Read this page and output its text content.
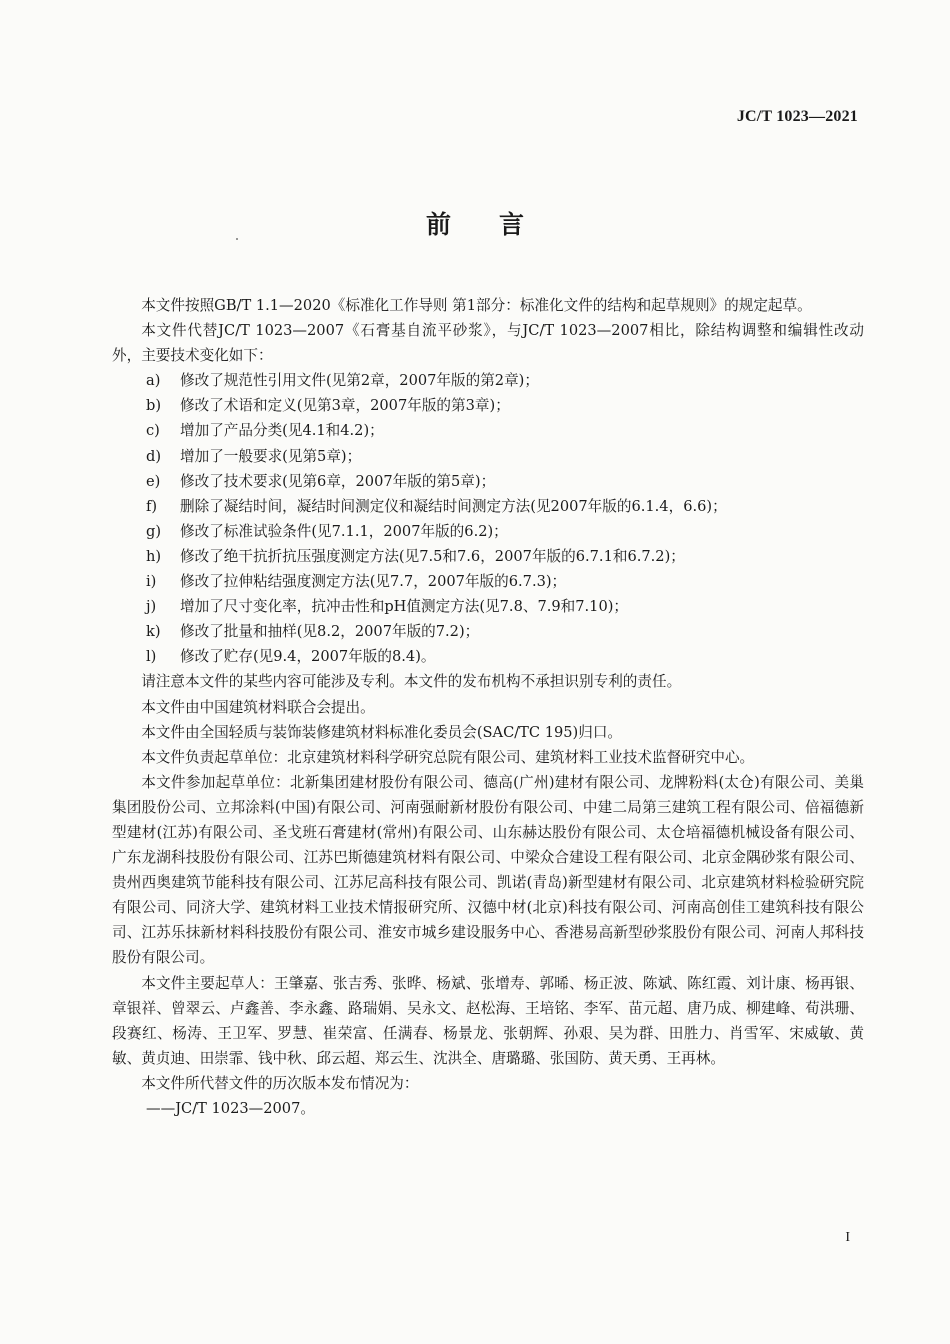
JC/T 1023—2021
前言

本文件按照GB/T 1.1—2020《标准化工作导则 第1部分：标准化文件的结构和起草规则》的规定起草。

本文件代替JC/T 1023—2007《石膏基自流平砂浆》，与JC/T 1023—2007相比，除结构调整和编辑性改动外，主要技术变化如下：

a) 修改了规范性引用文件(见第2章，2007年版的第2章)；

b) 修改了术语和定义(见第3章，2007年版的第3章)；

c) 增加了产品分类(见4.1和4.2)；

d) 增加了一般要求(见第5章)；

e) 修改了技术要求(见第6章，2007年版的第5章)；

f) 删除了凝结时间，凝结时间测定仪和凝结时间测定方法(见2007年版的6.1.4，6.6)；

g) 修改了标准试验条件(见7.1.1，2007年版的6.2)；

h) 修改了绝干抗折抗压强度测定方法(见7.5和7.6，2007年版的6.7.1和6.7.2)；

i) 修改了拉伸粘结强度测定方法(见7.7，2007年版的6.7.3)；

j) 增加了尺寸变化率，抗冲击性和pH值测定方法(见7.8、7.9和7.10)；

k) 修改了批量和抽样(见8.2，2007年版的7.2)；

l) 修改了贮存(见9.4，2007年版的8.4)。

请注意本文件的某些内容可能涉及专利。本文件的发布机构不承担识别专利的责任。

本文件由中国建筑材料联合会提出。

本文件由全国轻质与装饰装修建筑材料标准化委员会(SAC/TC 195)归口。

本文件负责起草单位：北京建筑材料科学研究总院有限公司、建筑材料工业技术监督研究中心。

本文件参加起草单位：北新集团建材股份有限公司、德高(广州)建材有限公司、龙牌粉料(太仓)有限公司、美巢集团股份公司、立邦涂料(中国)有限公司、河南强耐新材股份有限公司、中建二局第三建筑工程有限公司、倍福德新型建材(江苏)有限公司、圣戈班石膏建材(常州)有限公司、山东赫达股份有限公司、太仓培福德机械设备有限公司、广东龙湖科技股份有限公司、江苏巴斯德建筑材料有限公司、中梁众合建设工程有限公司、北京金隅砂浆有限公司、贵州西奥建筑节能科技有限公司、江苏尼高科技有限公司、凯诺(青岛)新型建材有限公司、北京建筑材料检验研究院有限公司、同济大学、建筑材料工业技术情报研究所、汉德中材(北京)科技有限公司、河南高创佳工建筑科技有限公司、江苏乐抹新材料科技股份有限公司、淮安市城乡建设服务中心、香港易高新型砂浆股份有限公司、河南人邦科技股份有限公司。

本文件主要起草人：王肇嘉、张吉秀、张晔、杨斌、张增寿、郭晞、杨正波、陈斌、陈红霞、刘计康、杨再银、章银祥、曾翠云、卢鑫善、李永鑫、路瑞娟、吴永文、赵松海、王培铭、李军、苗元超、唐乃成、柳建峰、荀洪珊、段赛红、杨涛、王卫军、罗慧、崔荣富、任满春、杨景龙、张朝辉、孙艰、吴为群、田胜力、肖雪军、宋威敏、黄敏、黄贞迪、田崇霏、钱中秋、邱云超、郑云生、沈洪全、唐璐璐、张国防、黄天勇、王再林。

本文件所代替文件的历次版本发布情况为：

——JC/T 1023—2007。

I
